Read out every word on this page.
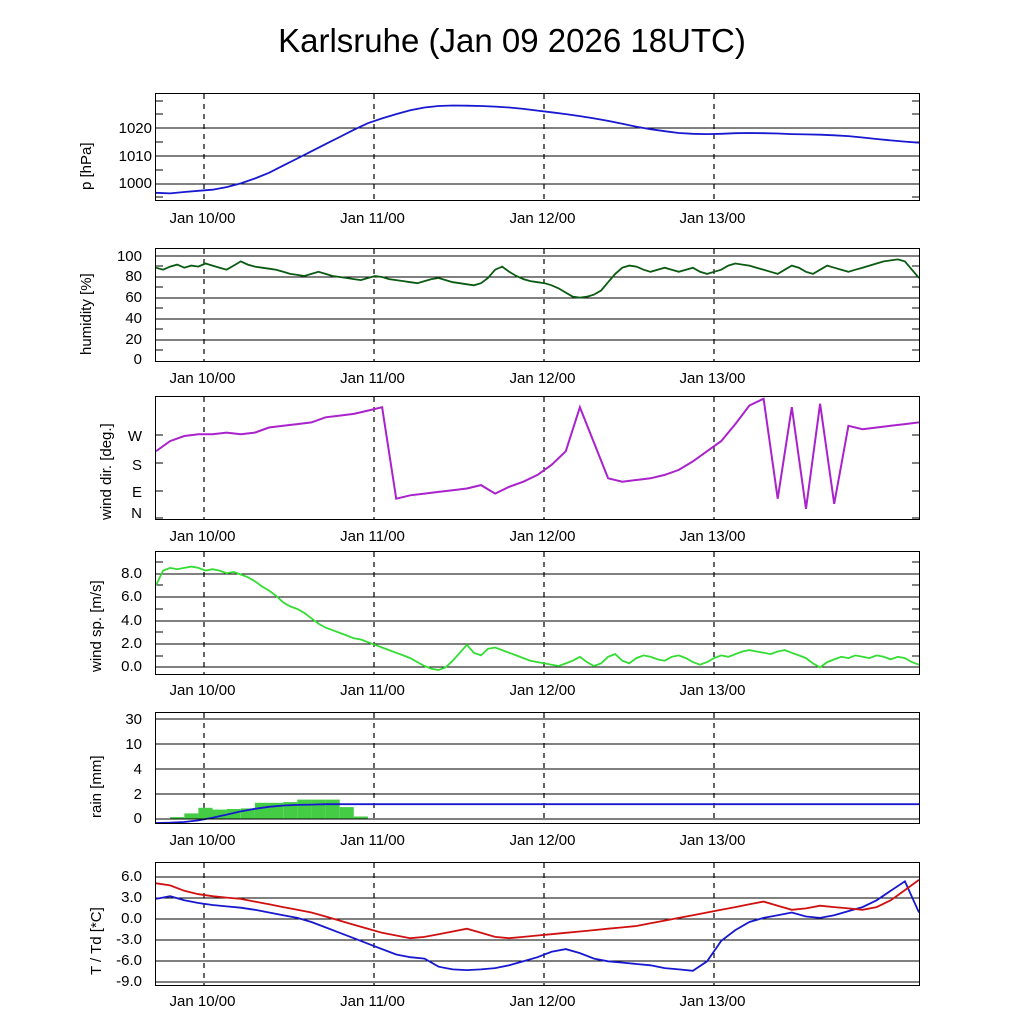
Karlsruhe (Jan 09 2026 18UTC)
p [hPa]	1000
1010
1020
Jan 10/00	Jan 11/00	Jan 12/00	Jan 13/00
humidity [%]
100
80
60
40
20
0
Jan 10/00	Jan 11/00	Jan 12/00	Jan 13/00
wind dir. [deg.] W
S
E
N
Jan 10/00	Jan 11/00	Jan 12/00	Jan 13/00
wind sp. [m/s]
8.0
6.0
4.0
2.0
0.0
Jan 10/00	Jan 11/00	Jan 12/00	Jan 13/00
rain [mm]
30
10
4
2
0
Jan 10/00	Jan 11/00	Jan 12/00	Jan 13/00
T / Td [*C]
6.0
3.0
0.0
-3.0
-6.0
-9.0
Jan 10/00	Jan 11/00	Jan 12/00	Jan 13/00
